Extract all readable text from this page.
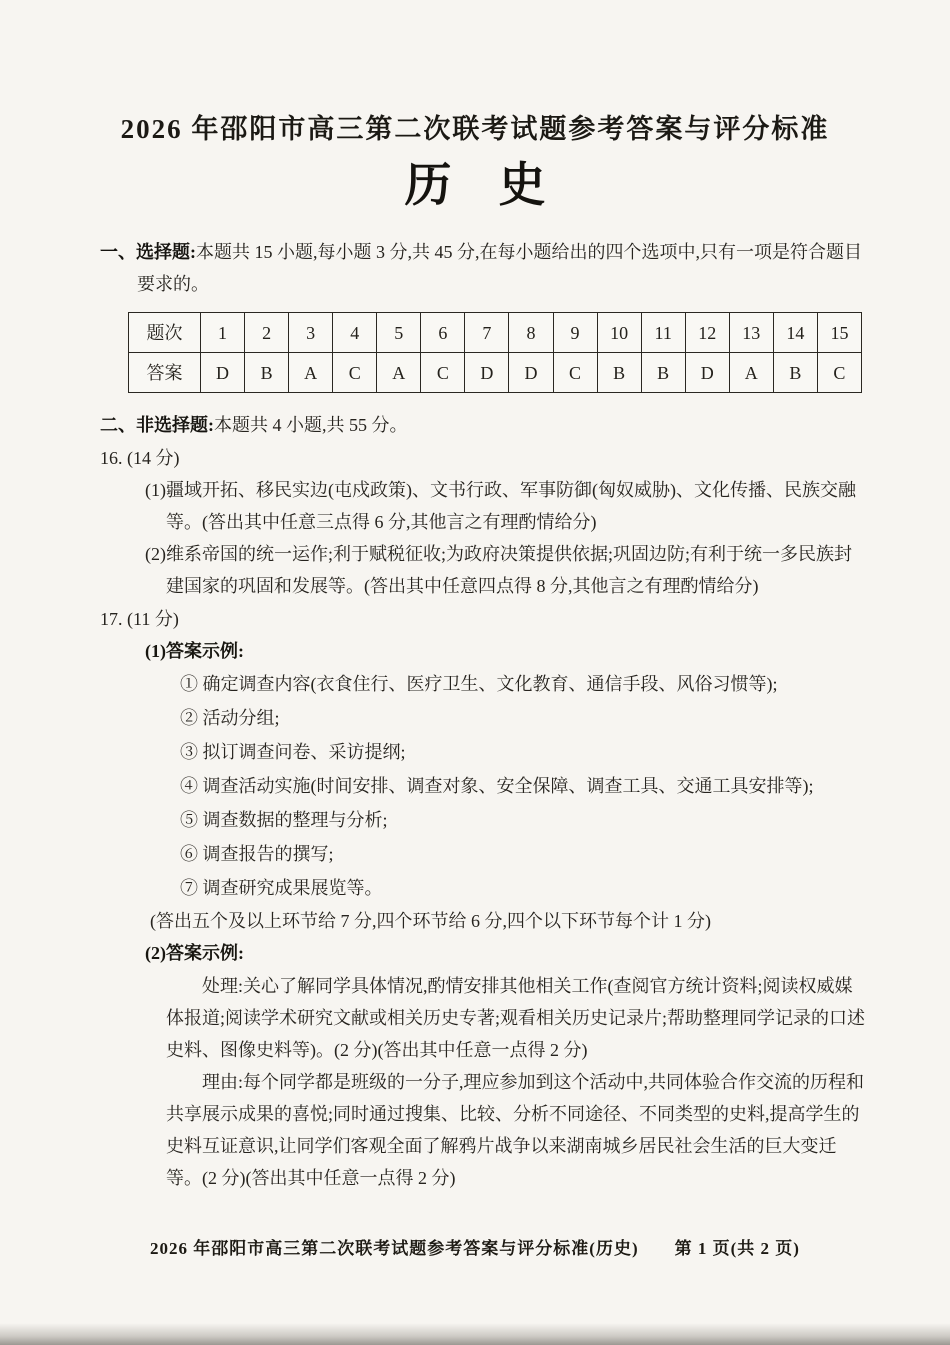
2026 年邵阳市高三第二次联考试题参考答案与评分标准
历　史

一、选择题:本题共 15 小题,每小题 3 分,共 45 分,在每小题给出的四个选项中,只有一项是符合题目要求的。

题次	1	2	3	4	5	6	7	8	9	10	11	12	13	14	15
答案	D	B	A	C	A	C	D	D	C	B	B	D	A	B	C

二、非选择题:本题共 4 小题,共 55 分。

16. (14 分)

(1)疆域开拓、移民实边(屯戍政策)、文书行政、军事防御(匈奴威胁)、文化传播、民族交融等。(答出其中任意三点得 6 分,其他言之有理酌情给分)
(2)维系帝国的统一运作;利于赋税征收;为政府决策提供依据;巩固边防;有利于统一多民族封建国家的巩固和发展等。(答出其中任意四点得 8 分,其他言之有理酌情给分)

17. (11 分)

(1)答案示例:

① 确定调查内容(衣食住行、医疗卫生、文化教育、通信手段、风俗习惯等);
② 活动分组;
③ 拟订调查问卷、采访提纲;
④ 调查活动实施(时间安排、调查对象、安全保障、调查工具、交通工具安排等);
⑤ 调查数据的整理与分析;
⑥ 调查报告的撰写;
⑦ 调查研究成果展览等。

(答出五个及以上环节给 7 分,四个环节给 6 分,四个以下环节每个计 1 分)

(2)答案示例:

处理:关心了解同学具体情况,酌情安排其他相关工作(查阅官方统计资料;阅读权威媒体报道;阅读学术研究文献或相关历史专著;观看相关历史记录片;帮助整理同学记录的口述史料、图像史料等)。(2 分)(答出其中任意一点得 2 分)
理由:每个同学都是班级的一分子,理应参加到这个活动中,共同体验合作交流的历程和共享展示成果的喜悦;同时通过搜集、比较、分析不同途径、不同类型的史料,提高学生的史料互证意识,让同学们客观全面了解鸦片战争以来湖南城乡居民社会生活的巨大变迁等。(2 分)(答出其中任意一点得 2 分)
2026 年邵阳市高三第二次联考试题参考答案与评分标准(历史)　　第 1 页(共 2 页)
